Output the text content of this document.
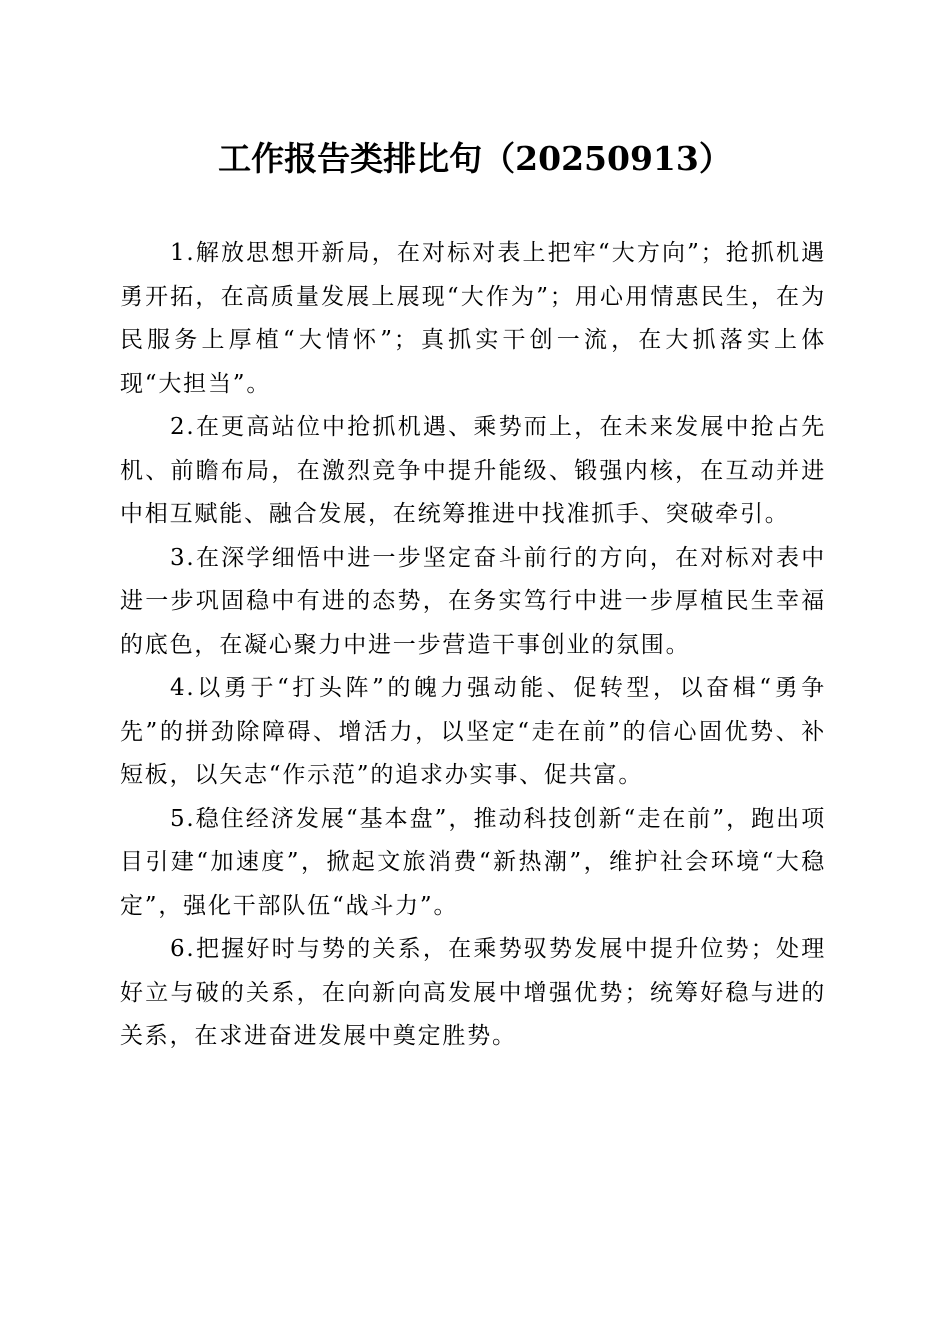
工作报告类排比句（20250913）

1.解放思想开新局，在对标对表上把牢“大方向”；抢抓机遇勇开拓，在高质量发展上展现“大作为”；用心用情惠民生，在为民服务上厚植“大情怀”；真抓实干创一流，在大抓落实上体现“大担当”。

2.在更高站位中抢抓机遇、乘势而上，在未来发展中抢占先机、前瞻布局，在激烈竞争中提升能级、锻强内核，在互动并进中相互赋能、融合发展，在统筹推进中找准抓手、突破牵引。

3.在深学细悟中进一步坚定奋斗前行的方向，在对标对表中进一步巩固稳中有进的态势，在务实笃行中进一步厚植民生幸福的底色，在凝心聚力中进一步营造干事创业的氛围。

4.以勇于“打头阵”的魄力强动能、促转型，以奋楫“勇争先”的拼劲除障碍、增活力，以坚定“走在前”的信心固优势、补短板，以矢志“作示范”的追求办实事、促共富。

5.稳住经济发展“基本盘”，推动科技创新“走在前”，跑出项目引建“加速度”，掀起文旅消费“新热潮”，维护社会环境“大稳定”，强化干部队伍“战斗力”。

6.把握好时与势的关系，在乘势驭势发展中提升位势；处理好立与破的关系，在向新向高发展中增强优势；统筹好稳与进的关系，在求进奋进发展中奠定胜势。
